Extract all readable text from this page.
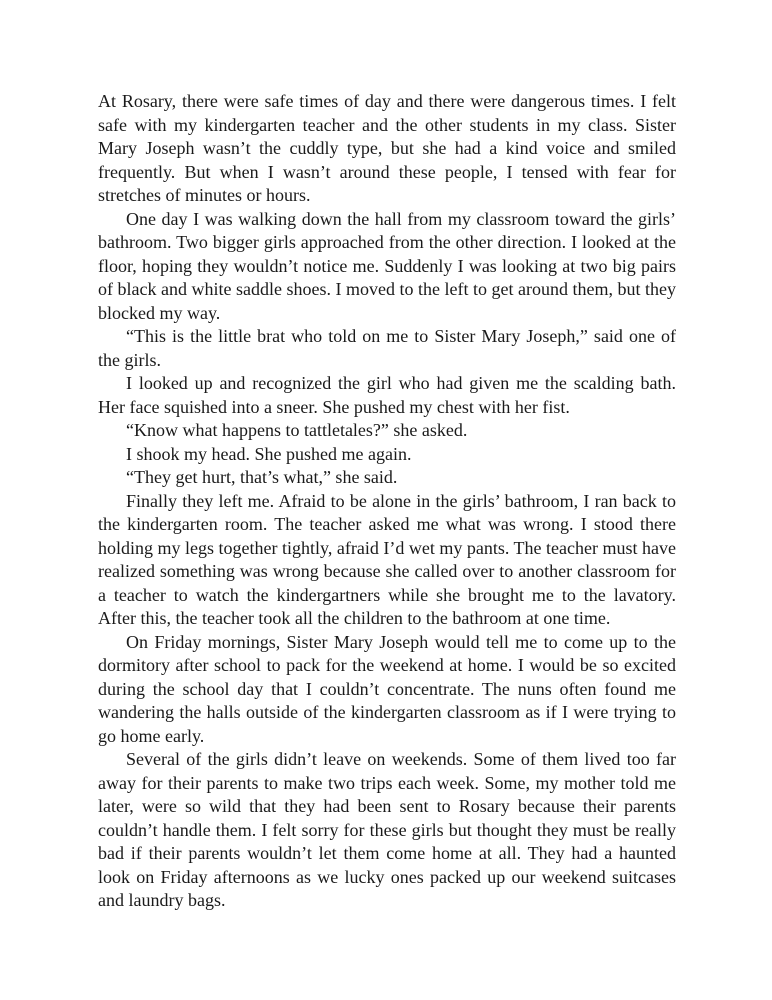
At Rosary, there were safe times of day and there were dangerous times. I felt safe with my kindergarten teacher and the other students in my class. Sister Mary Joseph wasn’t the cuddly type, but she had a kind voice and smiled frequently. But when I wasn’t around these people, I tensed with fear for stretches of minutes or hours.

One day I was walking down the hall from my classroom toward the girls’ bathroom. Two bigger girls approached from the other direction. I looked at the floor, hoping they wouldn’t notice me. Suddenly I was looking at two big pairs of black and white saddle shoes. I moved to the left to get around them, but they blocked my way.

“This is the little brat who told on me to Sister Mary Joseph,” said one of the girls.

I looked up and recognized the girl who had given me the scalding bath. Her face squished into a sneer. She pushed my chest with her fist.

“Know what happens to tattletales?” she asked.

I shook my head. She pushed me again.

“They get hurt, that’s what,” she said.

Finally they left me. Afraid to be alone in the girls’ bathroom, I ran back to the kindergarten room. The teacher asked me what was wrong. I stood there holding my legs together tightly, afraid I’d wet my pants. The teacher must have realized something was wrong because she called over to another classroom for a teacher to watch the kindergartners while she brought me to the lavatory. After this, the teacher took all the children to the bathroom at one time.

On Friday mornings, Sister Mary Joseph would tell me to come up to the dormitory after school to pack for the weekend at home. I would be so excited during the school day that I couldn’t concentrate. The nuns often found me wandering the halls outside of the kindergarten classroom as if I were trying to go home early.

Several of the girls didn’t leave on weekends. Some of them lived too far away for their parents to make two trips each week. Some, my mother told me later, were so wild that they had been sent to Rosary because their parents couldn’t handle them. I felt sorry for these girls but thought they must be really bad if their parents wouldn’t let them come home at all. They had a haunted look on Friday afternoons as we lucky ones packed up our weekend suitcases and laundry bags.
